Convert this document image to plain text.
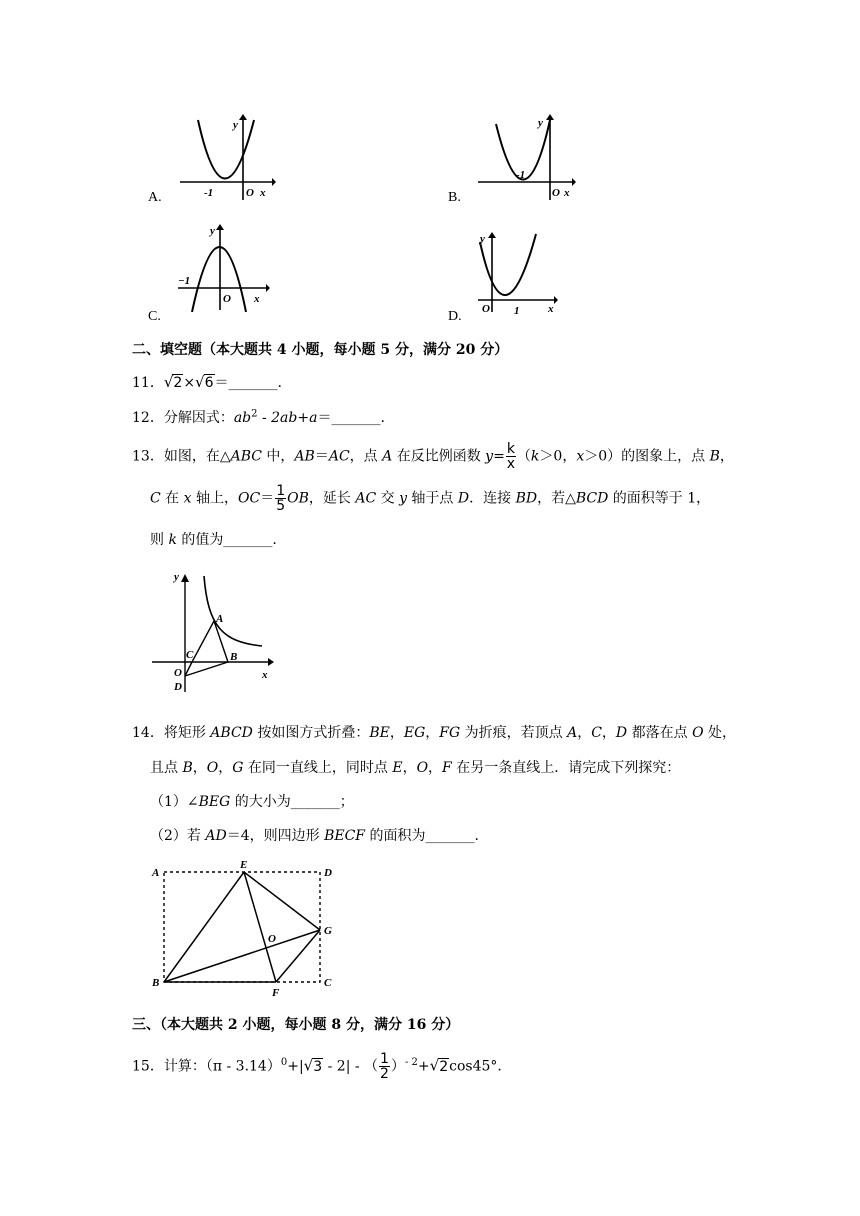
A.
y
x
O
-1	B.
y
x
O
-1
C.
y
x
O
−1
D.
y
x
O 1
二、填空题（本大题共 4 小题，每小题 5 分，满分 20 分）
11．√2×√6＝_______.
12．分解因式：$ab^2$ - 2ab+a＝_______.
13．如图，在△ABC 中，AB＝AC，点 A 在反比例函数 $y= \frac{k}{x} (k>0$，x＞0）的图象上，点 B，
C 在 x 轴上，$OC= \frac{1}{5}$ OB，延长 AC 交 y 轴于点 D．连接 BD，若△BCD 的面积等于 1，
则 k 的值为_______.
y
x
A
B
C
O
D
14．将矩形 ABCD 按如图方式折叠：BE，EG，FG 为折痕，若顶点 A，C，D 都落在点 O 处，
且点 B，O，G 在同一直线上，同时点 E，O，F 在另一条直线上．请完成下列探究：
（1）∠BEG 的大小为_______；
（2）若 AD＝4，则四边形 BECF 的面积为_______.
A
E
D
O
G
B
F
C
三、（本大题共 2 小题，每小题 8 分，满分 16 分）
15．计算：（π - 3.14）$^0$+|√3 - 2| - （ $\frac{1}{2} )^{- 2}+√2\cos 45^\circ$．
